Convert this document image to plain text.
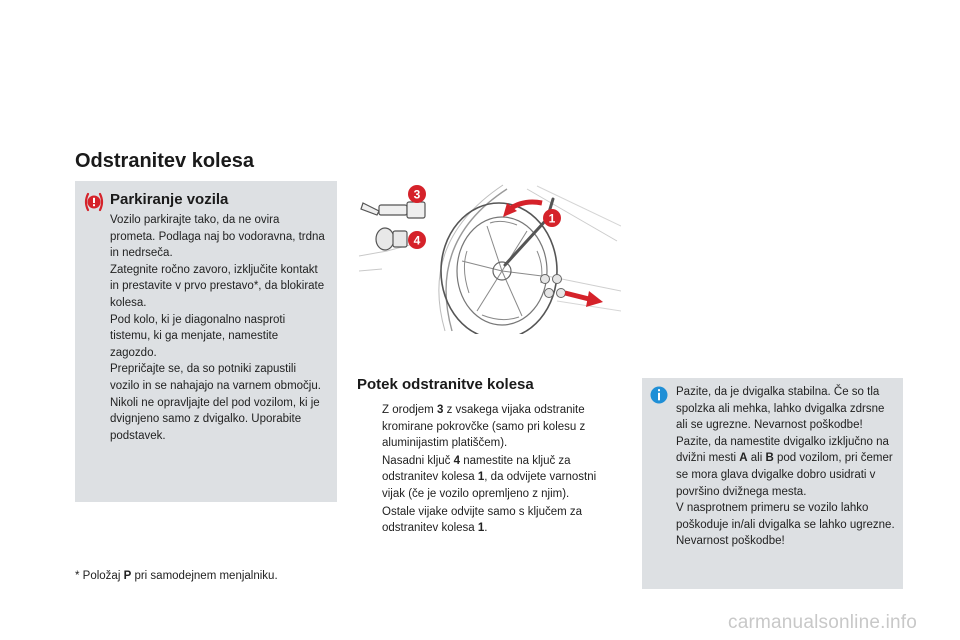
Odstranitev kolesa
Parkiranje vozila

Vozilo parkirajte tako, da ne ovira prometa. Podlaga naj bo vodoravna, trdna in nedrseča.

Zategnite ročno zavoro, izključite kontakt in prestavite v prvo prestavo*, da blokirate kolesa.

Pod kolo, ki je diagonalno nasproti tistemu, ki ga menjate, namestite zagozdo.

Prepričajte se, da so potniki zapustili vozilo in se nahajajo na varnem območju.

Nikoli ne opravljajte del pod vozilom, ki je dvignjeno samo z dvigalko. Uporabite podstavek.

3
4
1
Potek odstranitve kolesa
Z orodjem 3 z vsakega vijaka odstranite kromirane pokrovčke (samo pri kolesu z aluminijastim platiščem).
Nasadni ključ 4 namestite na ključ za odstranitev kolesa 1, da odvijete varnostni vijak (če je vozilo opremljeno z njim).
Ostale vijake odvijte samo s ključem za odstranitev kolesa 1.

Pazite, da je dvigalka stabilna. Če so tla spolzka ali mehka, lahko dvigalka zdrsne ali se ugrezne. Nevarnost poškodbe!

Pazite, da namestite dvigalko izključno na dvižni mesti A ali B pod vozilom, pri čemer se mora glava dvigalke dobro usidrati v površino dvižnega mesta.

V nasprotnem primeru se vozilo lahko poškoduje in/ali dvigalka se lahko ugrezne. Nevarnost poškodbe!

* Položaj P pri samodejnem menjalniku.
carmanualsonline.info
